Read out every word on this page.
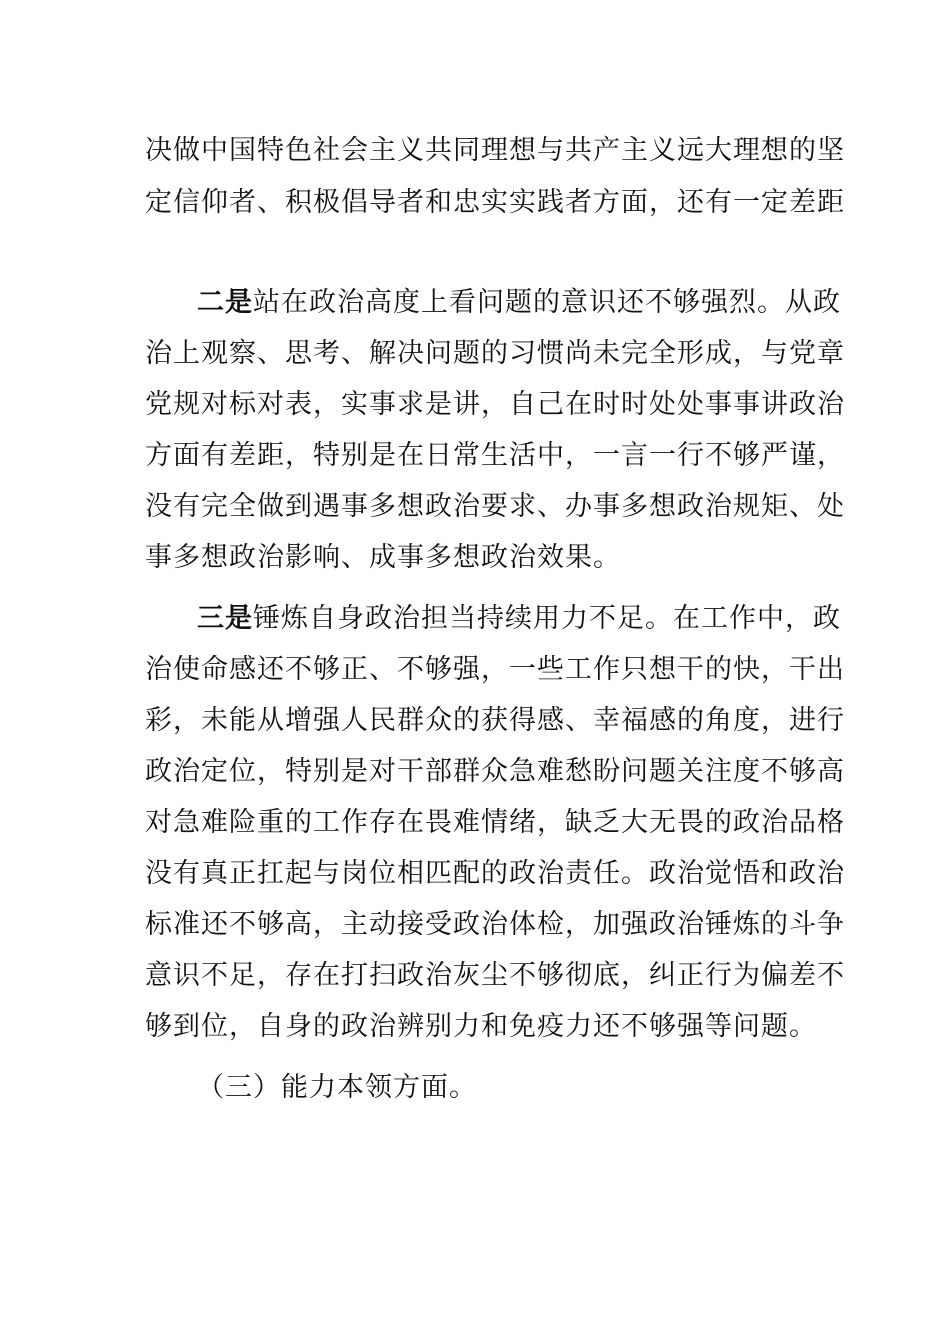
决做中国特色社会主义共同理想与共产主义远大理想的坚
定信仰者、积极倡导者和忠实实践者方面，还有一定差距
二是站在政治高度上看问题的意识还不够强烈。从政
治上观察、思考、解决问题的习惯尚未完全形成，与党章
党规对标对表，实事求是讲，自己在时时处处事事讲政治
方面有差距，特别是在日常生活中，一言一行不够严谨，
没有完全做到遇事多想政治要求、办事多想政治规矩、处
事多想政治影响、成事多想政治效果。
三是锤炼自身政治担当持续用力不足。在工作中，政
治使命感还不够正、不够强，一些工作只想干的快，干出
彩，未能从增强人民群众的获得感、幸福感的角度，进行
政治定位，特别是对干部群众急难愁盼问题关注度不够高
对急难险重的工作存在畏难情绪，缺乏大无畏的政治品格
没有真正扛起与岗位相匹配的政治责任。政治觉悟和政治
标准还不够高，主动接受政治体检，加强政治锤炼的斗争
意识不足，存在打扫政治灰尘不够彻底，纠正行为偏差不
够到位，自身的政治辨别力和免疫力还不够强等问题。
（三）能力本领方面。
